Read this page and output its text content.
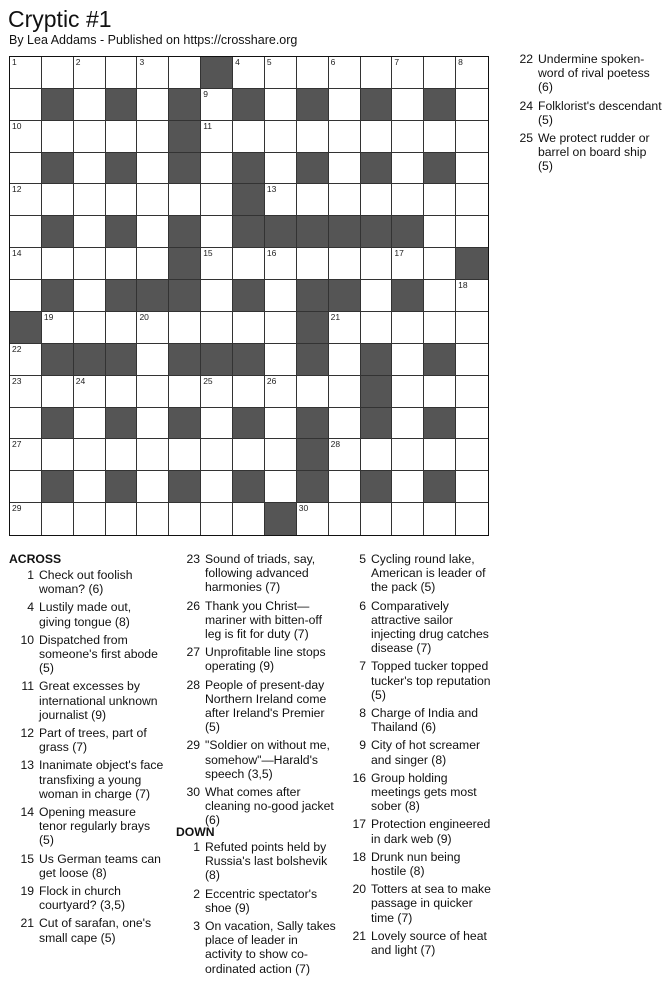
Cryptic #1
By Lea Addams - Published on https://crosshare.org
1	2	3	4	5	6	7	8
9
10	11
12	13
14	15	16	17
18
19	20	21
22
23	24	25	26
27	28
29	30
ACROSS
1 Check out foolish woman? (6)
4 Lustily made out, giving tongue (8)
10 Dispatched from someone's first abode (5)
11 Great excesses by international unknown journalist (9)
12 Part of trees, part of grass (7)
13 Inanimate object's face transfixing a young woman in charge (7)
14 Opening measure tenor regularly brays (5)
15 Us German teams can get loose (8)
19 Flock in church courtyard? (3,5)
21 Cut of sarafan, one's small cape (5)
23 Sound of triads, say, following advanced harmonies (7)
26 Thank you Christ—mariner with bitten-off leg is fit for duty (7)
27 Unprofitable line stops operating (9)
28 People of present-day Northern Ireland come after Ireland's Premier (5)
29 "Soldier on without me, somehow"—Harald's speech (3,5)
30 What comes after cleaning no-good jacket (6)
DOWN
1 Refuted points held by Russia's last bolshevik (8)
2 Eccentric spectator's shoe (9)
3 On vacation, Sally takes place of leader in activity to show co-ordinated action (7)
5 Cycling round lake, American is leader of the pack (5)
6 Comparatively attractive sailor injecting drug catches disease (7)
7 Topped tucker topped tucker's top reputation (5)
8 Charge of India and Thailand (6)
9 City of hot screamer and singer (8)
16 Group holding meetings gets most sober (8)
17 Protection engineered in dark web (9)
18 Drunk nun being hostile (8)
20 Totters at sea to make passage in quicker time (7)
21 Lovely source of heat and light (7)
22 Undermine spoken-word of rival poetess (6)
24 Folklorist's descendant (5)
25 We protect rudder or barrel on board ship (5)
